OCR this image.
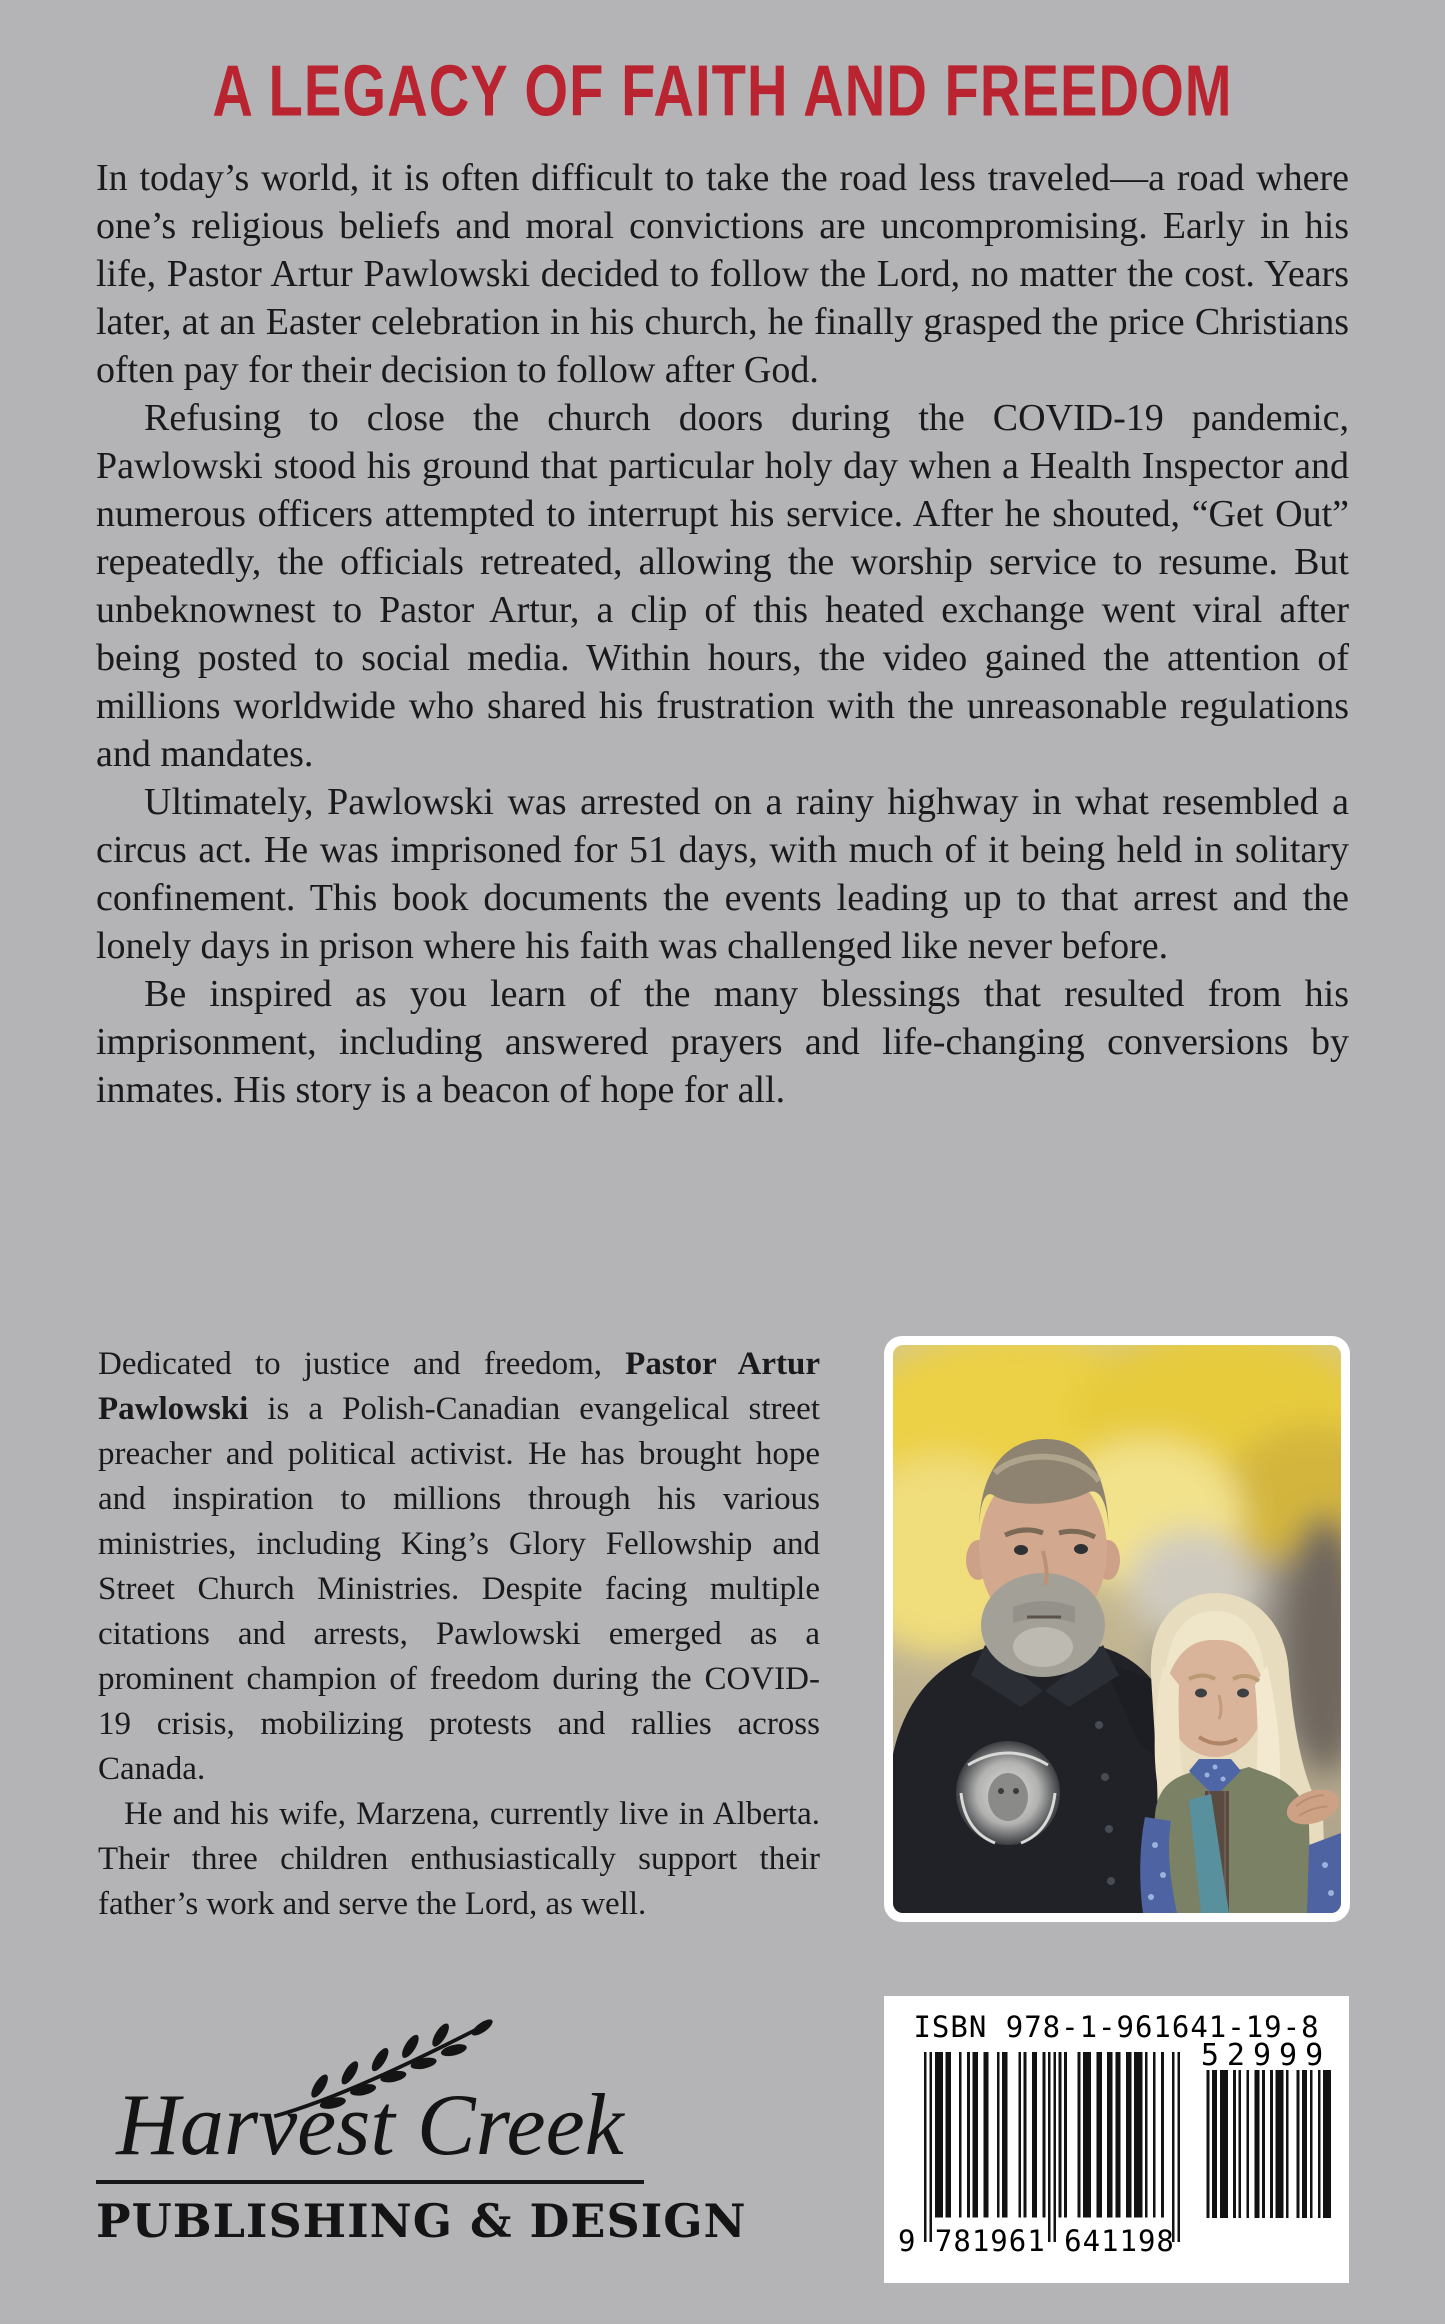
A LEGACY OF FAITH AND FREEDOM

In today’s world, it is often difficult to take the road less traveled—a road where one’s religious beliefs and moral convictions are uncompromising. Early in his life, Pastor Artur Pawlowski decided to follow the Lord, no matter the cost. Years later, at an Easter celebration in his church, he finally grasped the price Christians often pay for their decision to follow after God.

Refusing to close the church doors during the COVID-19 pandemic, Pawlowski stood his ground that particular holy day when a Health Inspector and numerous officers attempted to interrupt his service. After he shouted, “Get Out” repeatedly, the officials retreated, allowing the worship service to resume. But unbeknownest to Pastor Artur, a clip of this heated exchange went viral after being posted to social media. Within hours, the video gained the attention of millions worldwide who shared his frustration with the unreasonable regulations and mandates.

Ultimately, Pawlowski was arrested on a rainy highway in what resembled a circus act. He was imprisoned for 51 days, with much of it being held in solitary confinement. This book documents the events leading up to that arrest and the lonely days in prison where his faith was challenged like never before.

Be inspired as you learn of the many blessings that resulted from his imprisonment, including answered prayers and life-changing conversions by inmates. His story is a beacon of hope for all.

Dedicated to justice and freedom, Pastor Artur Pawlowski is a Polish-Canadian evangelical street preacher and political activist. He has brought hope and inspiration to millions through his various ministries, including King’s Glory Fellowship and Street Church Ministries. Despite facing multiple citations and arrests, Pawlowski emerged as a prominent champion of freedom during the COVID-19 crisis, mobilizing protests and rallies across Canada.

He and his wife, Marzena, currently live in Alberta. Their three children enthusiastically support their father’s work and serve the Lord, as well.

Harvest Creek
PUBLISHING & DESIGN
ISBN 978-1-961641-19-8
52999
9 781961 641198
